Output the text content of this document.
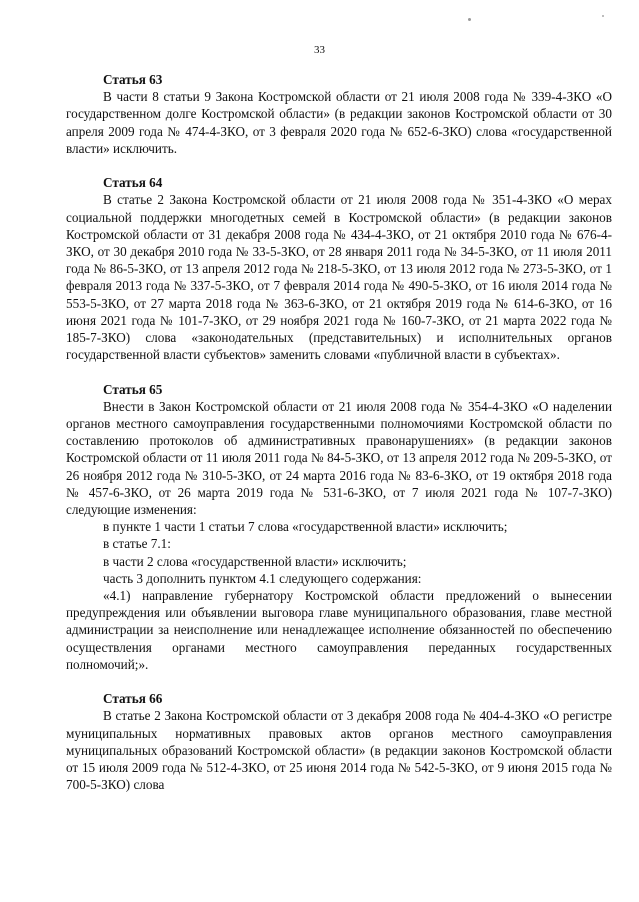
33

Статья 63

В части 8 статьи 9 Закона Костромской области от 21 июля 2008 года № 339-4-ЗКО «О государственном долге Костромской области» (в редакции законов Костромской области от 30 апреля 2009 года № 474-4-ЗКО, от 3 февраля 2020 года № 652-6-ЗКО) слова «государственной власти» исключить.

Статья 64

В статье 2 Закона Костромской области от 21 июля 2008 года № 351-4-ЗКО «О мерах социальной поддержки многодетных семей в Костромской области» (в редакции законов Костромской области от 31 декабря 2008 года № 434-4-ЗКО, от 21 октября 2010 года № 676-4-ЗКО, от 30 декабря 2010 года № 33-5-ЗКО, от 28 января 2011 года № 34-5-ЗКО, от 11 июля 2011 года № 86-5-ЗКО, от 13 апреля 2012 года № 218-5-ЗКО, от 13 июля 2012 года № 273-5-ЗКО, от 1 февраля 2013 года № 337-5-ЗКО, от 7 февраля 2014 года № 490-5-ЗКО, от 16 июля 2014 года № 553-5-ЗКО, от 27 марта 2018 года № 363-6-ЗКО, от 21 октября 2019 года № 614-6-ЗКО, от 16 июня 2021 года № 101-7-ЗКО, от 29 ноября 2021 года № 160-7-ЗКО, от 21 марта 2022 года № 185-7-ЗКО) слова «законодательных (представительных) и исполнительных органов государственной власти субъектов» заменить словами «публичной власти в субъектах».

Статья 65

Внести в Закон Костромской области от 21 июля 2008 года № 354-4-ЗКО «О наделении органов местного самоуправления государственными полномочиями Костромской области по составлению протоколов об административных правонарушениях» (в редакции законов Костромской области от 11 июля 2011 года № 84-5-ЗКО, от 13 апреля 2012 года № 209-5-ЗКО, от 26 ноября 2012 года № 310-5-ЗКО, от 24 марта 2016 года № 83-6-ЗКО, от 19 октября 2018 года № 457-6-ЗКО, от 26 марта 2019 года № 531-6-ЗКО, от 7 июля 2021 года № 107-7-ЗКО) следующие изменения:

в пункте 1 части 1 статьи 7 слова «государственной власти» исключить;

в статье 7.1:

в части 2 слова «государственной власти» исключить;

часть 3 дополнить пунктом 4.1 следующего содержания:

«4.1) направление губернатору Костромской области предложений о вынесении предупреждения или объявлении выговора главе муниципального образования, главе местной администрации за неисполнение или ненадлежащее исполнение обязанностей по обеспечению осуществления органами местного самоуправления переданных государственных полномочий;».

Статья 66

В статье 2 Закона Костромской области от 3 декабря 2008 года № 404-4-ЗКО «О регистре муниципальных нормативных правовых актов органов местного самоуправления муниципальных образований Костромской области» (в редакции законов Костромской области от 15 июля 2009 года № 512-4-ЗКО, от 25 июня 2014 года № 542-5-ЗКО, от 9 июня 2015 года № 700-5-ЗКО) слова
